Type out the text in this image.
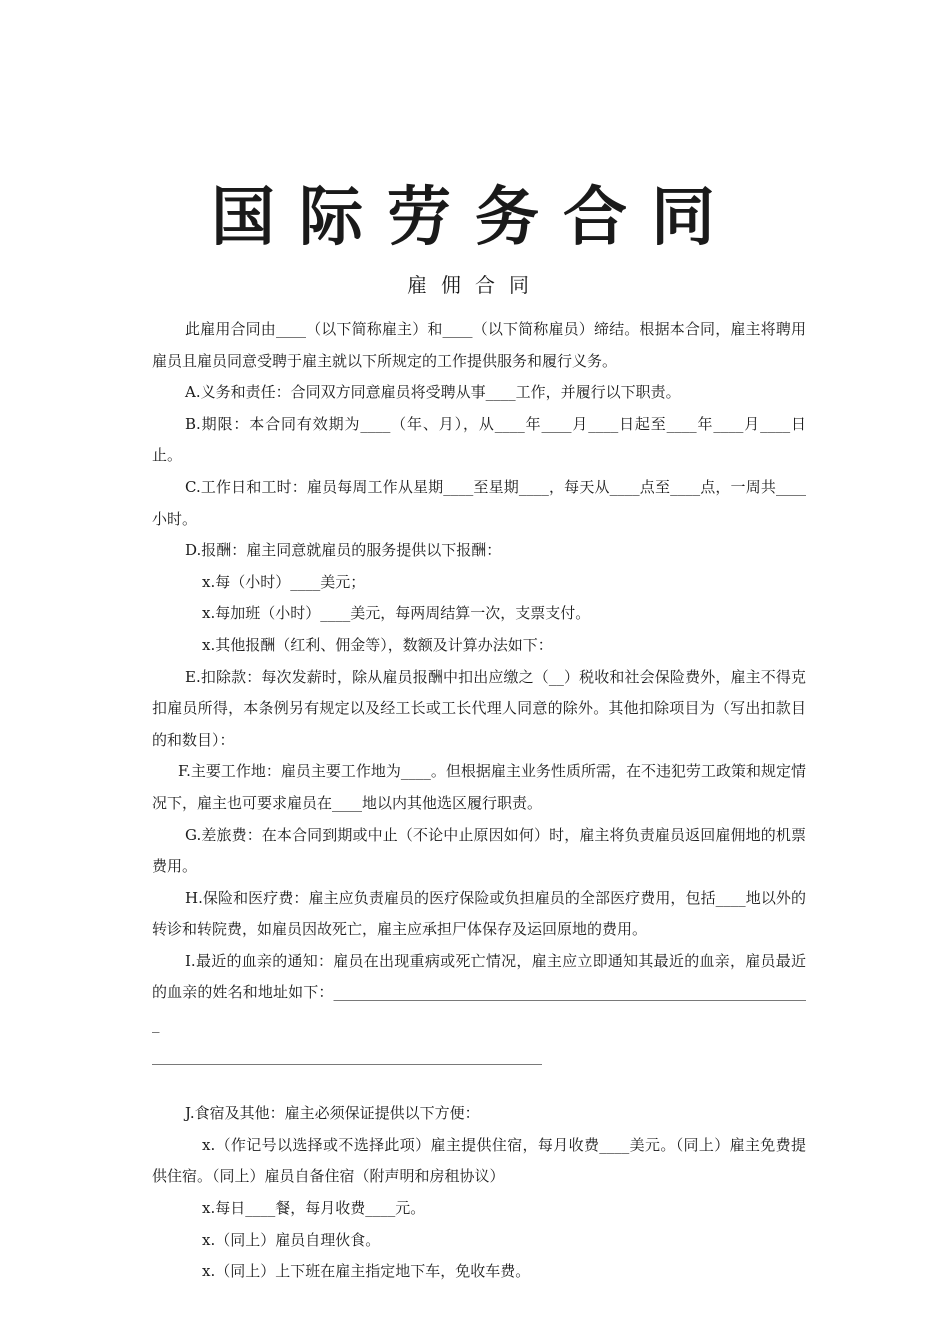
国际劳务合同
雇佣合同

此雇用合同由____（以下简称雇主）和____（以下简称雇员）缔结。根据本合同，雇主将聘用雇员且雇员同意受聘于雇主就以下所规定的工作提供服务和履行义务。

A.义务和责任：合同双方同意雇员将受聘从事____工作，并履行以下职责。

B.期限：本合同有效期为____（年、月），从____年____月____日起至____年____月____日止。

C.工作日和工时：雇员每周工作从星期____至星期____，每天从____点至____点，一周共____小时。

D.报酬：雇主同意就雇员的服务提供以下报酬：

x.每（小时）____美元；

x.每加班（小时）____美元，每两周结算一次，支票支付。

x.其他报酬（红利、佣金等），数额及计算办法如下：

E.扣除款：每次发薪时，除从雇员报酬中扣出应缴之（__）税收和社会保险费外，雇主不得克扣雇员所得，本条例另有规定以及经工长或工长代理人同意的除外。其他扣除项目为（写出扣款目的和数目）：

F.主要工作地：雇员主要工作地为____。但根据雇主业务性质所需，在不违犯劳工政策和规定情况下，雇主也可要求雇员在____地以内其他选区履行职责。

G.差旅费：在本合同到期或中止（不论中止原因如何）时，雇主将负责雇员返回雇佣地的机票费用。

H.保险和医疗费：雇主应负责雇员的医疗保险或负担雇员的全部医疗费用，包括____地以外的转诊和转院费，如雇员因故死亡，雇主应承担尸体保存及运回原地的费用。

I.最近的血亲的通知：雇员在出现重病或死亡情况，雇主应立即通知其最近的血亲，雇员最近的血亲的姓名和地址如下：________________________________________________________________

____________________________________________________

J.食宿及其他：雇主必须保证提供以下方便：

x.（作记号以选择或不选择此项）雇主提供住宿，每月收费____美元。（同上）雇主免费提供住宿。（同上）雇员自备住宿（附声明和房租协议）

x.每日____餐，每月收费____元。

x.（同上）雇员自理伙食。

x.（同上）上下班在雇主指定地下车，免收车费。
